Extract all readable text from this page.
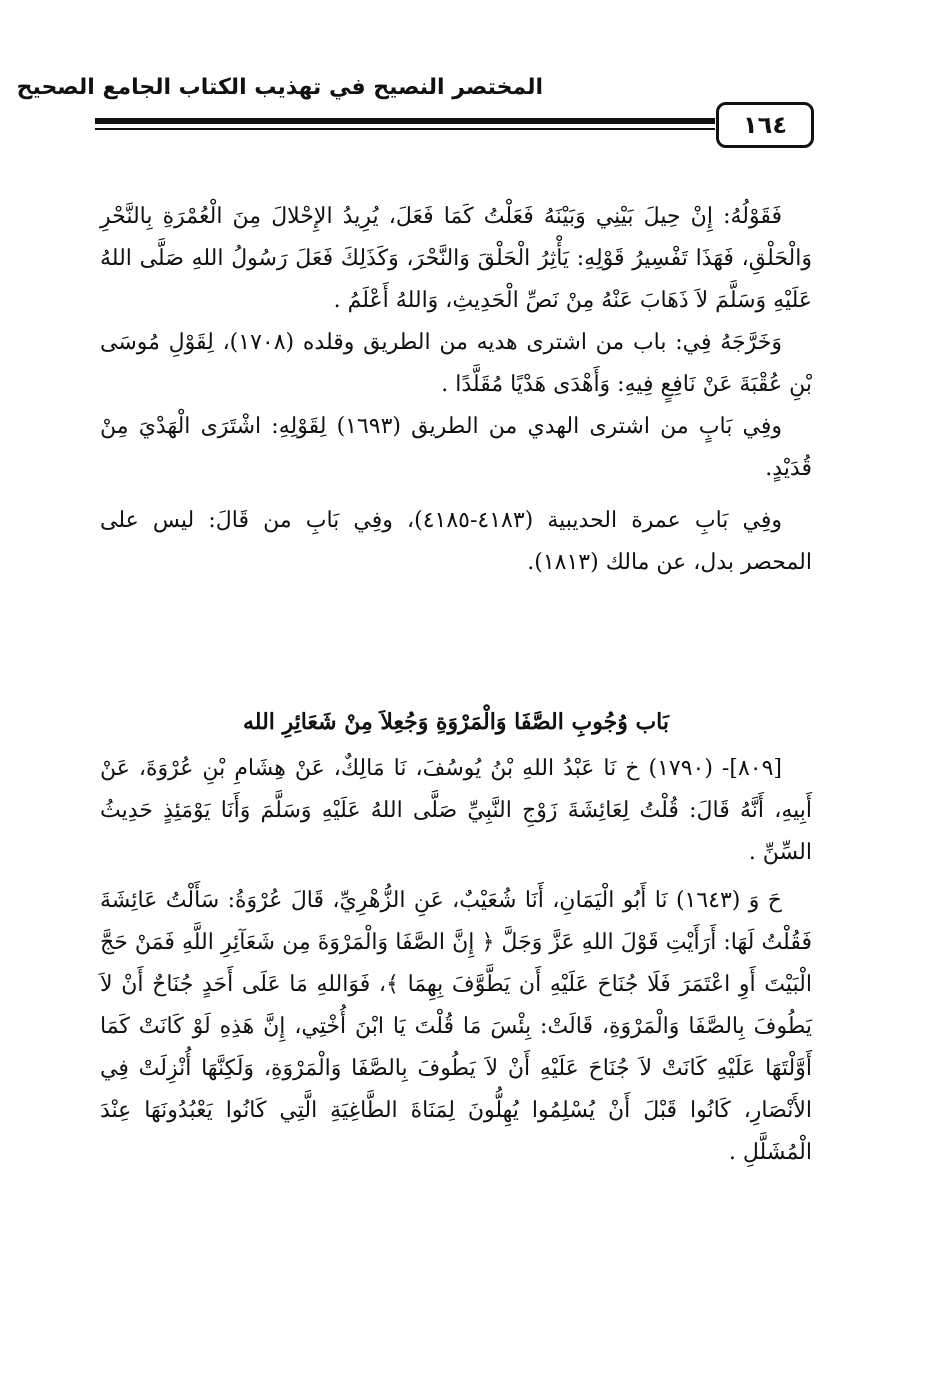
المختصر النصيح في تهذيب الكتاب الجامع الصحيح
١٦٤

فَقَوْلُهُ: إِنْ حِيلَ بَيْنِي وَبَيْنَهُ فَعَلْتُ كَمَا فَعَلَ، يُرِيدُ الإِحْلالَ مِنَ الْعُمْرَةِ بِالنَّحْرِ وَالْحَلْقِ، فَهَذَا تَفْسِيرُ قَوْلِهِ: يَأْثِرُ الْحَلْقَ وَالنَّحْرَ، وَكَذَلِكَ فَعَلَ رَسُولُ اللهِ صَلَّى اللهُ عَلَيْهِ وَسَلَّمَ لاَ ذَهَابَ عَنْهُ مِنْ نَصِّ الْحَدِيثِ، وَاللهُ أَعْلَمُ .

وَخَرَّجَهُ فِي: باب من اشترى هديه من الطريق وقلده (١٧٠٨)، لِقَوْلِ مُوسَى بْنِ عُقْبَةَ عَنْ نَافِعٍ فِيهِ: وَأَهْدَى هَدْيًا مُقَلَّدًا .

وفِي بَابٍ من اشترى الهدي من الطريق (١٦٩٣) لِقَوْلِهِ: اشْتَرَى الْهَدْيَ مِنْ قُدَيْدٍ.

وفِي بَابِ عمرة الحديبية (٤١٨٣-٤١٨٥)، وفِي بَابِ من قَالَ: ليس على المحصر بدل، عن مالك (١٨١٣).

بَاب وُجُوبِ الصَّفَا وَالْمَرْوَةِ وَجُعِلاَ مِنْ شَعَائِرِ الله

[٨٠٩]- (١٧٩٠) خ نَا عَبْدُ اللهِ بْنُ يُوسُفَ، نَا مَالِكٌ، عَنْ هِشَامِ بْنِ عُرْوَةَ، عَنْ أَبِيهِ، أَنَّهُ قَالَ: قُلْتُ لِعَائِشَةَ زَوْجِ النَّبِيِّ صَلَّى اللهُ عَلَيْهِ وَسَلَّمَ وَأَنَا يَوْمَئِذٍ حَدِيثُ السِّنِّ .

حَ وَ (١٦٤٣) نَا أَبُو الْيَمَانِ، أَنَا شُعَيْبٌ، عَنِ الزُّهْرِيِّ، قَالَ عُرْوَةُ: سَأَلْتُ عَائِشَةَ فَقُلْتُ لَهَا: أَرَأَيْتِ قَوْلَ اللهِ عَزَّ وَجَلَّ ﴿ إِنَّ الصَّفَا وَالْمَرْوَةَ مِن شَعَآئِرِ اللَّهِ فَمَنْ حَجَّ الْبَيْتَ أَوِ اعْتَمَرَ فَلَا جُنَاحَ عَلَيْهِ أَن يَطَّوَّفَ بِهِمَا ﴾، فَوَاللهِ مَا عَلَى أَحَدٍ جُنَاحٌ أَنْ لاَ يَطُوفَ بِالصَّفَا وَالْمَرْوَةِ، قَالَتْ: بِئْسَ مَا قُلْتَ يَا ابْنَ أُخْتِي، إِنَّ هَذِهِ لَوْ كَانَتْ كَمَا أَوَّلْتَهَا عَلَيْهِ كَانَتْ لاَ جُنَاحَ عَلَيْهِ أَنْ لاَ يَطُوفَ بِالصَّفَا وَالْمَرْوَةِ، وَلَكِنَّهَا أُنْزِلَتْ فِي الأَنْصَارِ، كَانُوا قَبْلَ أَنْ يُسْلِمُوا يُهِلُّونَ لِمَنَاةَ الطَّاغِيَةِ الَّتِي كَانُوا يَعْبُدُونَهَا عِنْدَ الْمُشَلَّلِ .
